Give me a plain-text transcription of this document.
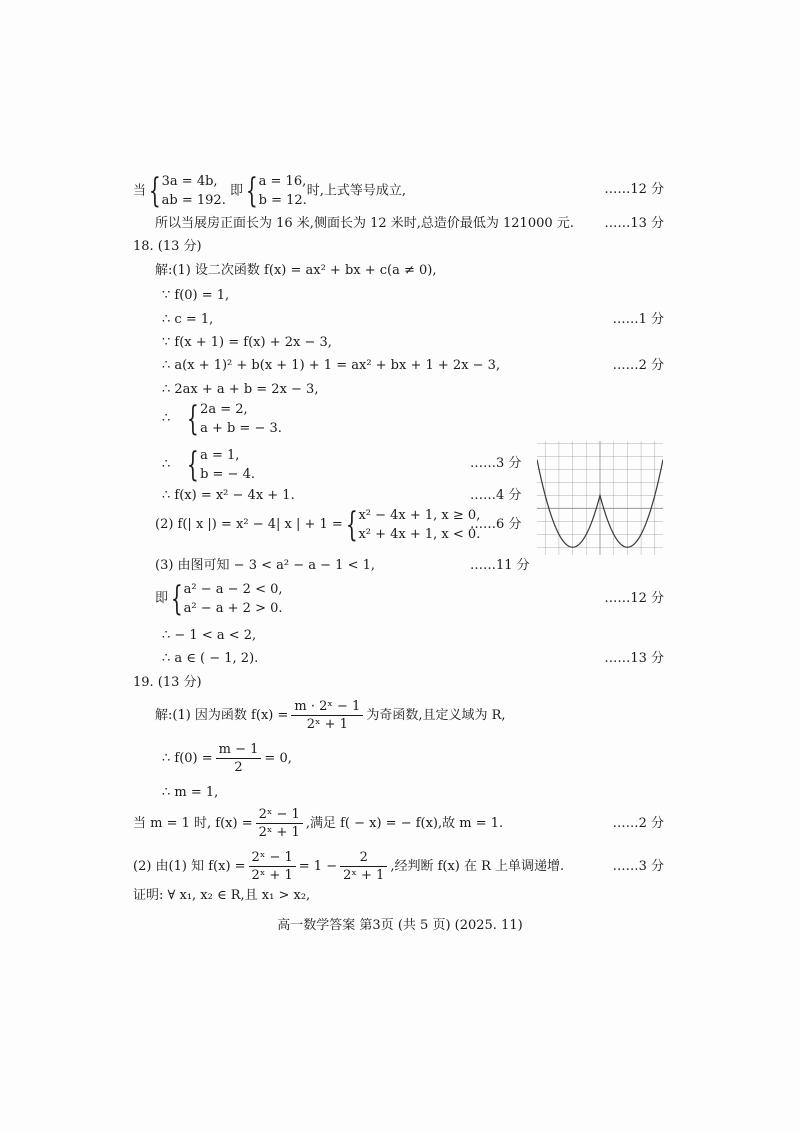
当{ 3a = 4b,
ab = 192.
即{ a = 16,
b = 12.
时,上式等号成立,	……12 分
所以当展房正面长为 16 米,侧面长为 12 米时,总造价最低为 121000 元. ……13 分
18. (13 分)
解:(1) 设二次函数 f(x) = ax² + bx + c(a ≠ 0),
∵ f(0) = 1,
∴ c = 1,	……1 分
∵ f(x + 1) = f(x) + 2x − 3,
∴ a(x + 1)² + b(x + 1) + 1 = ax² + bx + 1 + 2x − 3,	……2 分
∴ 2ax + a + b = 2x − 3,
∴ { 2a = 2,
a + b = − 3.
∴ { a = 1,
b = − 4.
……3 分
∴ f(x) = x² − 4x + 1.	……4 分
(2) f(| x |) = x² − 4| x | + 1 ={ x² − 4x + 1, x ≥ 0,
x² + 4x + 1, x < 0.
……6 分
(3) 由图可知 − 3 < a² − a − 1 < 1,	……11 分
即{ a² − a − 2 < 0,
a² − a + 2 > 0.
……12 分
∴ − 1 < a < 2,
∴ a ∈ ( − 1, 2).	……13 分
19. (13 分)
解:(1) 因为函数 $f(x) = \frac{\text{m · 2ˣ − 1}}{\text{2ˣ + 1}}$ 为奇函数,且定义域为 R,
∴ $f(0) = \frac{m - 1}{2} = 0$,
∴ m = 1,
当 m = 1 时, $f(x) = \frac{\text{2ˣ − 1}}{\text{2ˣ + 1}}$ ,满足 f( − x) = − f(x),故 m = 1.	……2 分
(2) 由(1) 知 $f(x) = \frac{\text{2ˣ − 1}}{\text{2ˣ + 1}} = 1 - \frac{2}{\text{2ˣ + 1}}$ ,经判断 f(x) 在 R 上单调递增.	……3 分
证明: ∀ x₁, x₂ ∈ R,且 x₁ > x₂,
高一数学答案 第3页 (共 5 页) (2025. 11)
